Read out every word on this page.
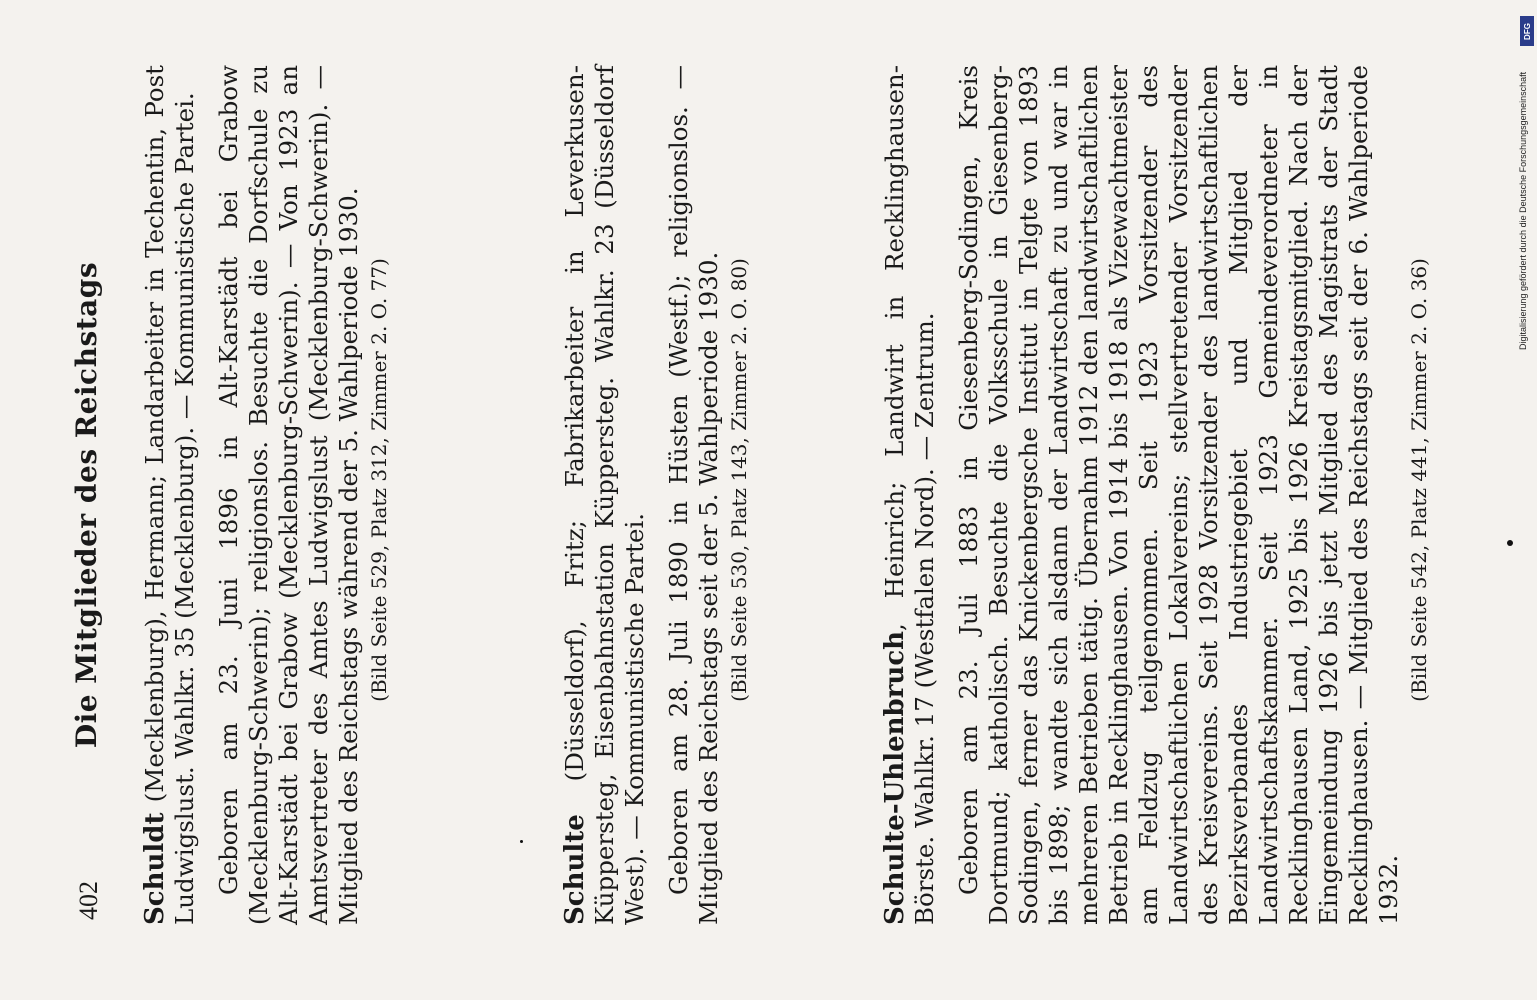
402
Die Mitglieder des Reichstags

Schuldt (Mecklenburg), Hermann; Landarbeiter in Techentin, Post Ludwigslust. Wahlkr. 35 (Mecklenburg). — Kommunistische Partei. Geboren am 23. Juni 1896 in Alt-Karstädt bei Grabow (Mecklenburg-Schwerin); religionslos. Besuchte die Dorfschule zu Alt-Karstädt bei Grabow (Mecklenburg-Schwerin). — Von 1923 an Amtsvertreter des Amtes Ludwigslust (Mecklenburg-Schwerin). — Mitglied des Reichstags während der 5. Wahlperiode 1930. (Bild Seite 529, Platz 312, Zimmer 2. O. 77)

Schulte (Düsseldorf), Fritz; Fabrikarbeiter in Leverkusen-Küppersteg, Eisenbahnstation Küppersteg. Wahlkr. 23 (Düsseldorf West). — Kommunistische Partei. Geboren am 28. Juli 1890 in Hüsten (Westf.); religionslos. — Mitglied des Reichstags seit der 5. Wahlperiode 1930. (Bild Seite 530, Platz 143, Zimmer 2. O. 80)

Schulte-Uhlenbruch, Heinrich; Landwirt in Recklinghausen-Börste. Wahlkr. 17 (Westfalen Nord). — Zentrum. Geboren am 23. Juli 1883 in Giesenberg-Sodingen, Kreis Dortmund; katholisch. Besuchte die Volksschule in Giesenberg-Sodingen, ferner das Knickenbergsche Institut in Telgte von 1893 bis 1898; wandte sich alsdann der Landwirtschaft zu und war in mehreren Betrieben tätig. Übernahm 1912 den landwirtschaftlichen Betrieb in Recklinghausen. Von 1914 bis 1918 als Vizewachtmeister am Feldzug teilgenommen. Seit 1923 Vorsitzender des Landwirtschaftlichen Lokalvereins; stellvertretender Vorsitzender des Kreisvereins. Seit 1928 Vorsitzender des landwirtschaftlichen Bezirksverbandes Industriegebiet und Mitglied der Landwirtschaftskammer. Seit 1923 Gemeindeverordneter in Recklinghausen Land, 1925 bis 1926 Kreistagsmitglied. Nach der Eingemeindung 1926 bis jetzt Mitglied des Magistrats der Stadt Recklinghausen. — Mitglied des Reichstags seit der 6. Wahlperiode 1932.

(Bild Seite 542, Platz 441, Zimmer 2. O. 36)

DFG
Digitalisierung gefördert durch die Deutsche Forschungsgemeinschaft
